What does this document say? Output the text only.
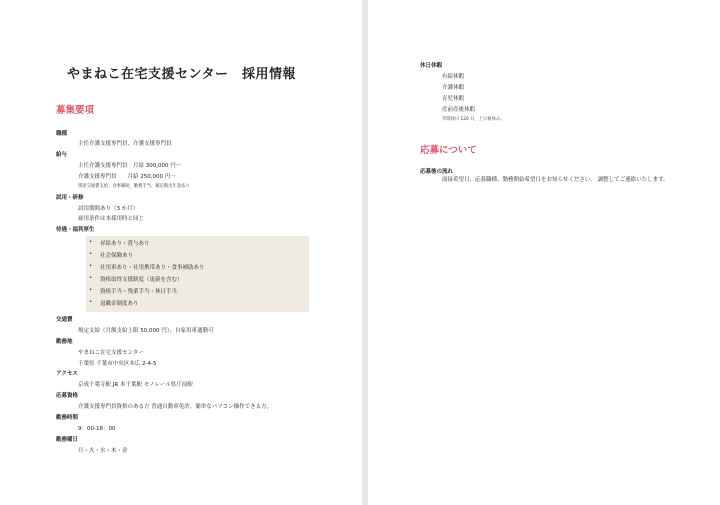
やまねこ在宅支援センター　採用情報
募集要項
職種
主任介護支援専門員、介護支援専門員
給与
主任介護支援専門員　月給 300,000 円〜
介護支援専門員　　月給 250,000 円〜
別途交通費支給、食事補助、勤務手当、確定拠出年金あり
試用・研修
試用期間あり（3 か月）
雇用条件は本採用時と同じ
待遇・福利厚生
• 昇給あり・賞与あり
• 社会保険あり
• 社用車あり・社用携帯あり・食事補助あり
• 資格取得支援制度（更新を含む）
• 資格手当・残業手当・休日手当
• 退職金制度あり
交通費
規定支給（月額支給上限 50,000 円）、自家用車通勤可
勤務地
やまねこ在宅支援センター
千葉県 千葉市中央区本広 2-4-5
アクセス
京成千葉寺駅 JR 本千葉駅 モノレール県庁前駅
応募資格
介護支援専門員資格のある方 普通自動車免許、簡単なパソコン操作できる方。
勤務時間
9：00-18：00
勤務曜日
月・火・水・木・金
休日休暇
有給休暇
介護休暇
育児休暇
産前産後休暇
年間休日 120 日、土日祝休み。
応募について
応募後の流れ
面接希望日、応募職種、勤務開始希望日をお知らせください。 調整してご連絡いたします。
